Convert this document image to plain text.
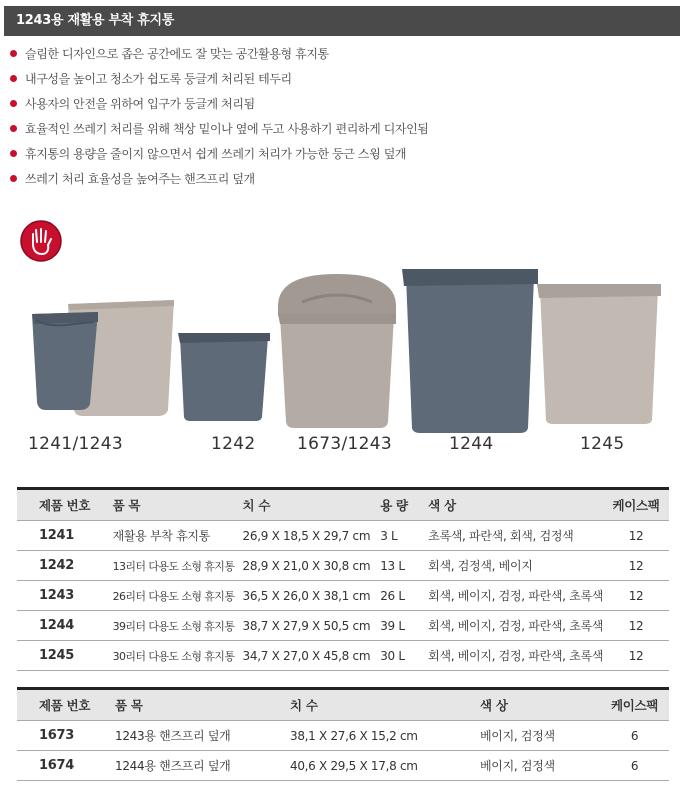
1243용 재활용 부착 휴지통
슬림한 디자인으로 좁은 공간에도 잘 맞는 공간활용형 휴지통
내구성을 높이고 청소가 쉽도록 둥글게 처리된 테두리
사용자의 안전을 위하여 입구가 둥글게 처리됨
효율적인 쓰레기 처리를 위해 책상 밑이나 옆에 두고 사용하기 편리하게 디자인됨
휴지통의 용량을 줄이지 않으면서 쉽게 쓰레기 처리가 가능한 둥근 스윙 덮개
쓰레기 처리 효율성을 높여주는 핸즈프리 덮개
1241/1243	1242 1673/1243	1244	1245
제품 번호	품 목	치 수	용 량	색 상	케이스팩
1241	재활용 부착 휴지통	26,9 X 18,5 X 29,7 cm	3 L	초록색, 파란색, 회색, 검정색	12
1242	13리터 다용도 소형 휴지통	28,9 X 21,0 X 30,8 cm	13 L	회색, 검정색, 베이지	12
1243	26리터 다용도 소형 휴지통	36,5 X 26,0 X 38,1 cm	26 L	회색, 베이지, 검정, 파란색, 초록색	12
1244	39리터 다용도 소형 휴지통	38,7 X 27,9 X 50,5 cm	39 L	회색, 베이지, 검정, 파란색, 초록색	12
1245	30리터 다용도 소형 휴지통	34,7 X 27,0 X 45,8 cm	30 L	회색, 베이지, 검정, 파란색, 초록색	12
제품 번호	품 목	치 수	색 상	케이스팩
1673	1243용 핸즈프리 덮개	38,1 X 27,6 X 15,2 cm	베이지, 검정색	6
1674	1244용 핸즈프리 덮개	40,6 X 29,5 X 17,8 cm	베이지, 검정색	6
